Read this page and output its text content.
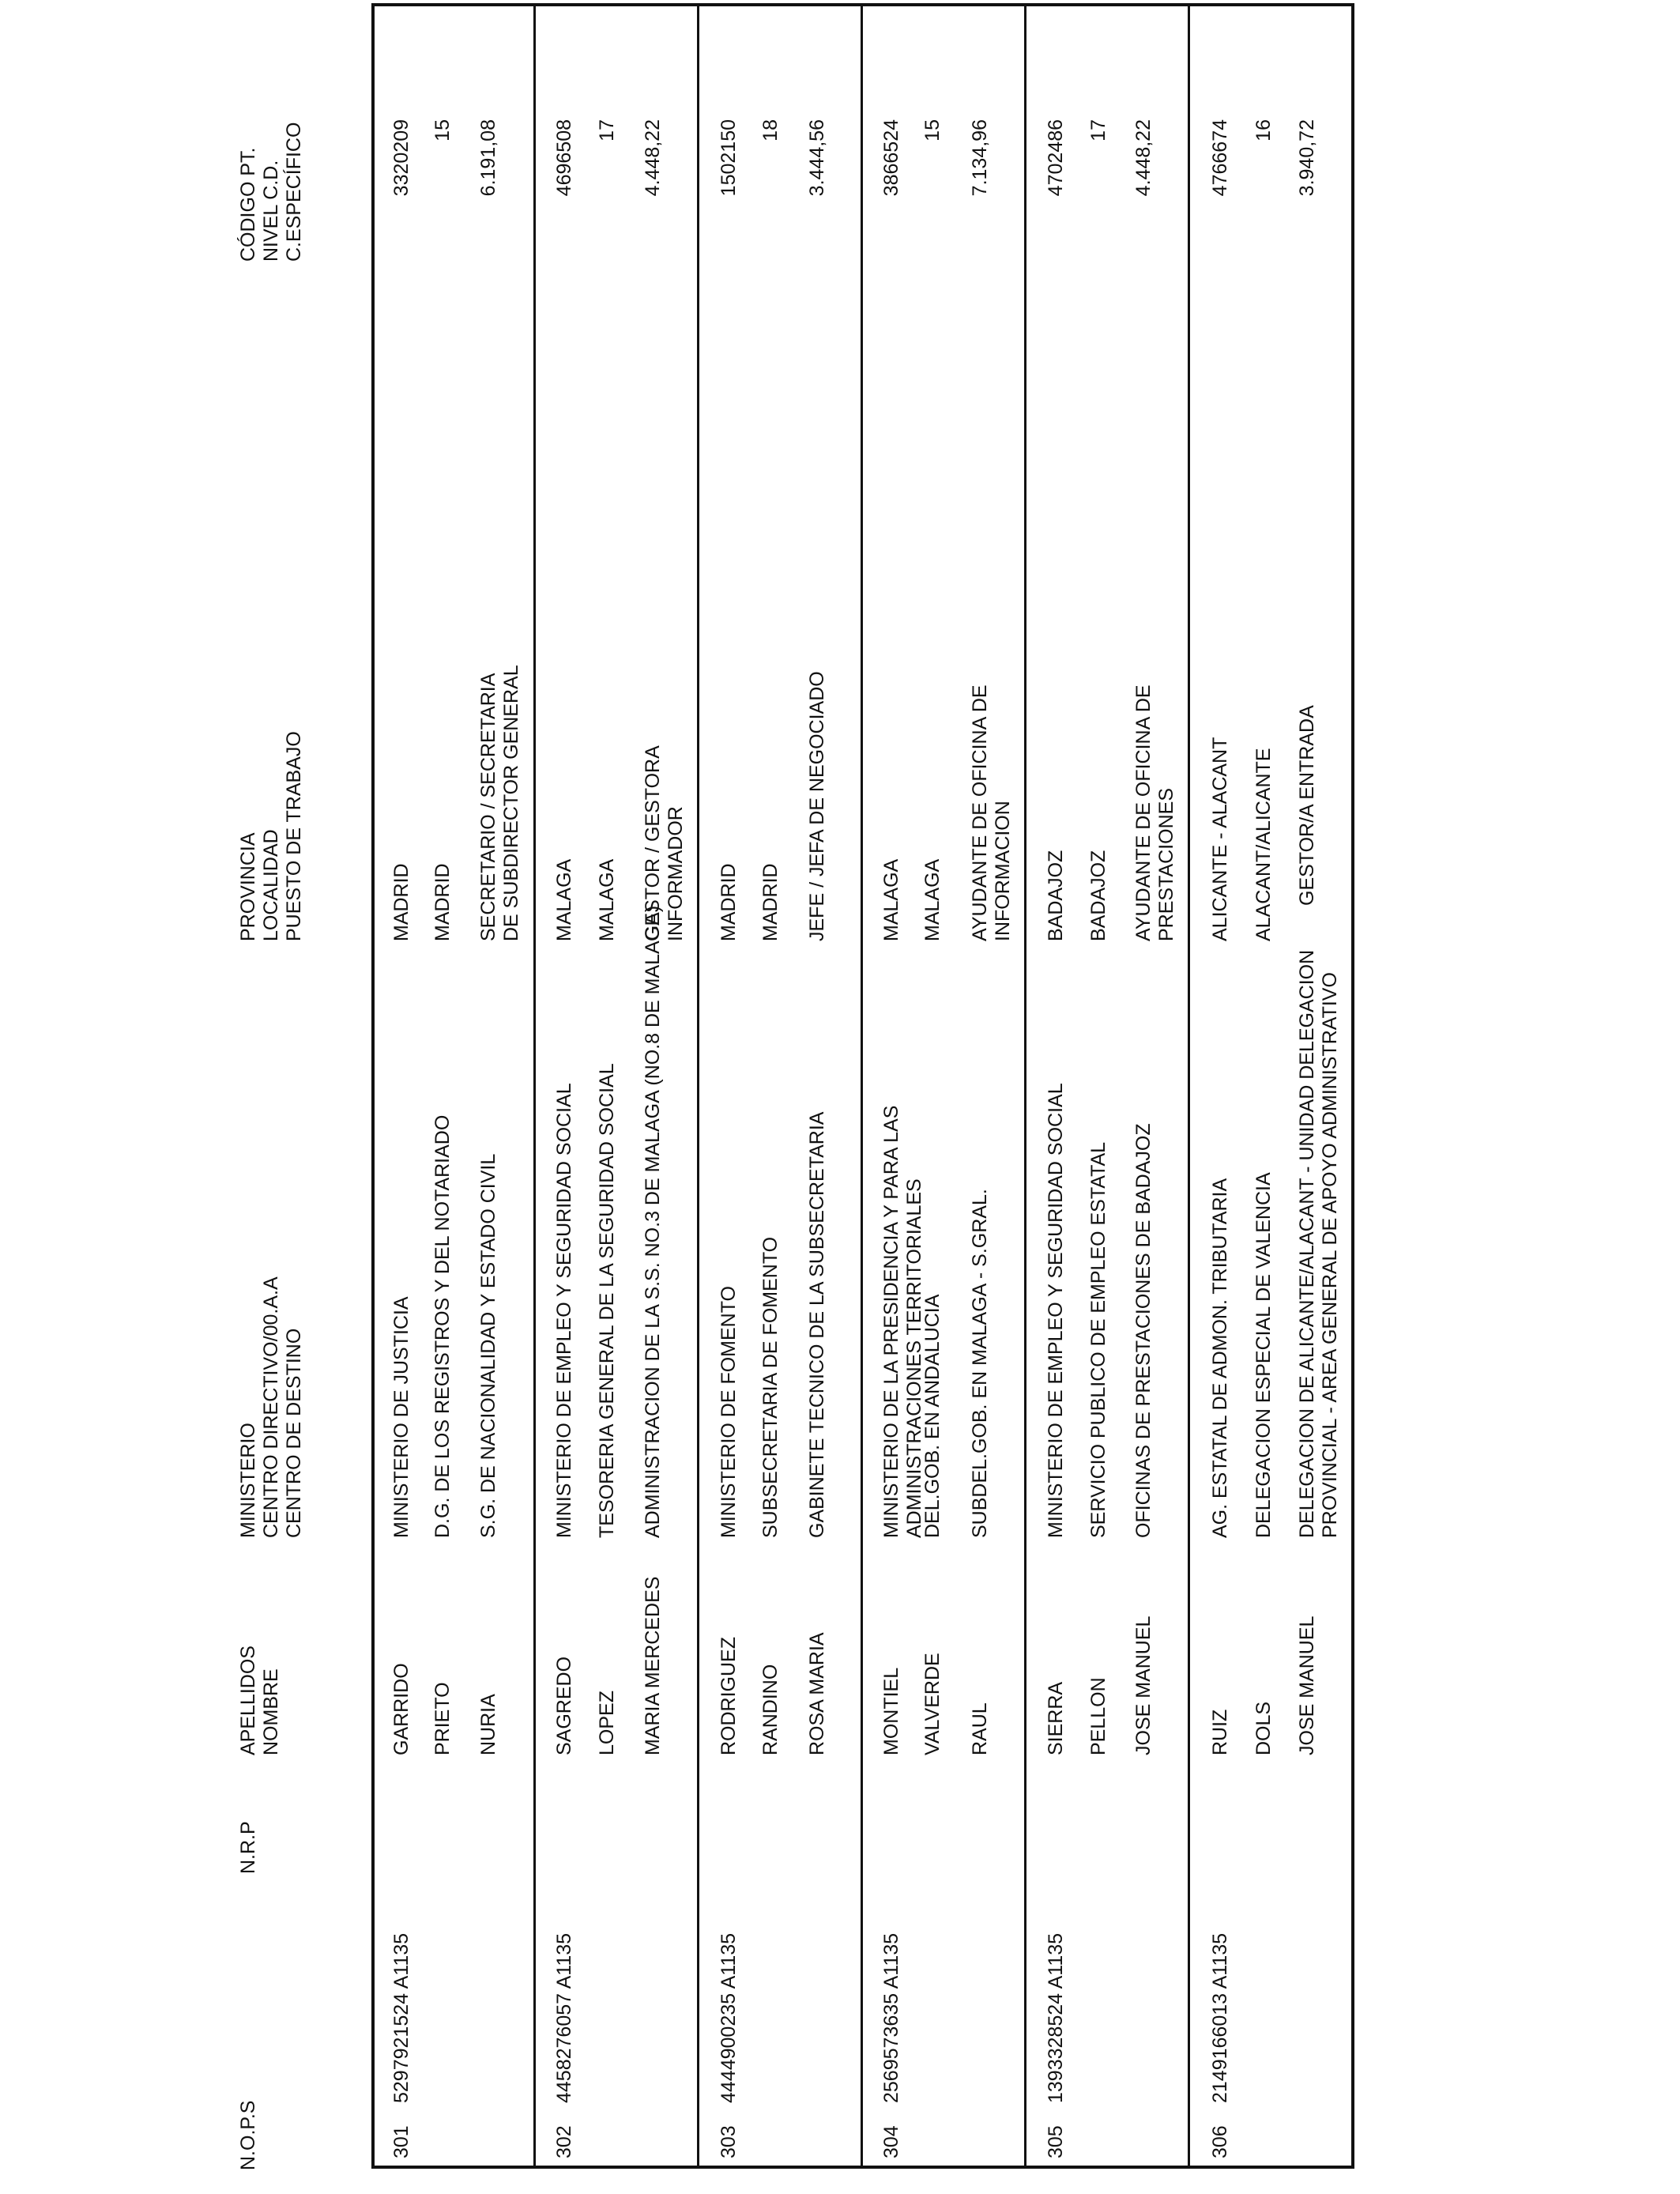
N.O.P.S
N.R.P
APELLIDOS NOMBRE
MINISTERIO CENTRO DIRECTIVO/00.A.A CENTRO DE DESTINO
PROVINCIA LOCALIDAD PUESTO DE TRABAJO
CÓDIGO PT. NIVEL C.D. C.ESPECÍFICO
301
5297921524 A1135
GARRIDO PRIETO NURIA
MINISTERIO DE JUSTICIA D.G. DE LOS REGISTROS Y DEL NOTARIADO S.G. DE NACIONALIDAD Y ESTADO CIVIL
MADRID MADRID SECRETARIO / SECRETARIA DE SUBDIRECTOR GENERAL
3320209 15 6.191,08
302
4458276057 A1135
SAGREDO LOPEZ MARIA MERCEDES
MINISTERIO DE EMPLEO Y SEGURIDAD SOCIAL TESORERIA GENERAL DE LA SEGURIDAD SOCIAL ADMINISTRACION DE LA S.S. NO.3 DE MALAGA (NO.8 DE MALAGA)
MALAGA MALAGA GESTOR / GESTORA INFORMADOR
4696508 17 4.448,22
303
4444900235 A1135
RODRIGUEZ RANDINO ROSA MARIA
MINISTERIO DE FOMENTO SUBSECRETARIA DE FOMENTO GABINETE TECNICO DE LA SUBSECRETARIA
MADRID MADRID JEFE / JEFA DE NEGOCIADO
1502150 18 3.444,56
304
2569573635 A1135
MONTIEL VALVERDE RAUL
MINISTERIO DE LA PRESIDENCIA Y PARA LAS ADMINISTRACIONES TERRITORIALES
DEL.GOB. EN ANDALUCIA SUBDEL.GOB. EN MALAGA - S.GRAL.
MALAGA MALAGA AYUDANTE DE OFICINA DE INFORMACION
3866524 15 7.134,96
305
1393328524 A1135
SIERRA PELLON JOSE MANUEL
MINISTERIO DE EMPLEO Y SEGURIDAD SOCIAL SERVICIO PUBLICO DE EMPLEO ESTATAL OFICINAS DE PRESTACIONES DE BADAJOZ
BADAJOZ BADAJOZ AYUDANTE DE OFICINA DE PRESTACIONES
4702486 17 4.448,22
306
2149166013 A1135
RUIZ DOLS JOSE MANUEL
AG. ESTATAL DE ADMON. TRIBUTARIA DELEGACION ESPECIAL DE VALENCIA DELEGACION DE ALICANTE/ALACANT - UNIDAD DELEGACION PROVINCIAL - AREA GENERAL DE APOYO ADMINISTRATIVO
ALICANTE - ALACANT ALACANT/ALICANTE GESTOR/A ENTRADA
4766674 16 3.940,72
